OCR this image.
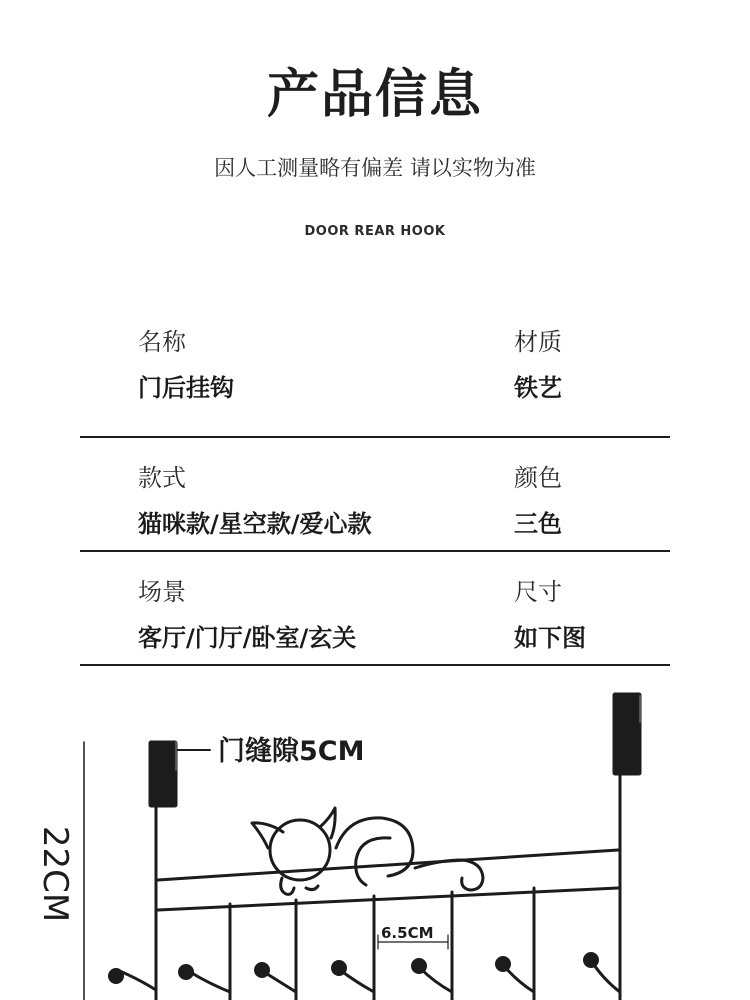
产品信息
因人工测量略有偏差 请以实物为准
DOOR REAR HOOK
名称
门后挂钩
材质
铁艺
款式
猫咪款/星空款/爱心款
颜色
三色
场景
客厅/门厅/卧室/玄关
尺寸
如下图
门缝隙5CM
6.5CM
22CM
